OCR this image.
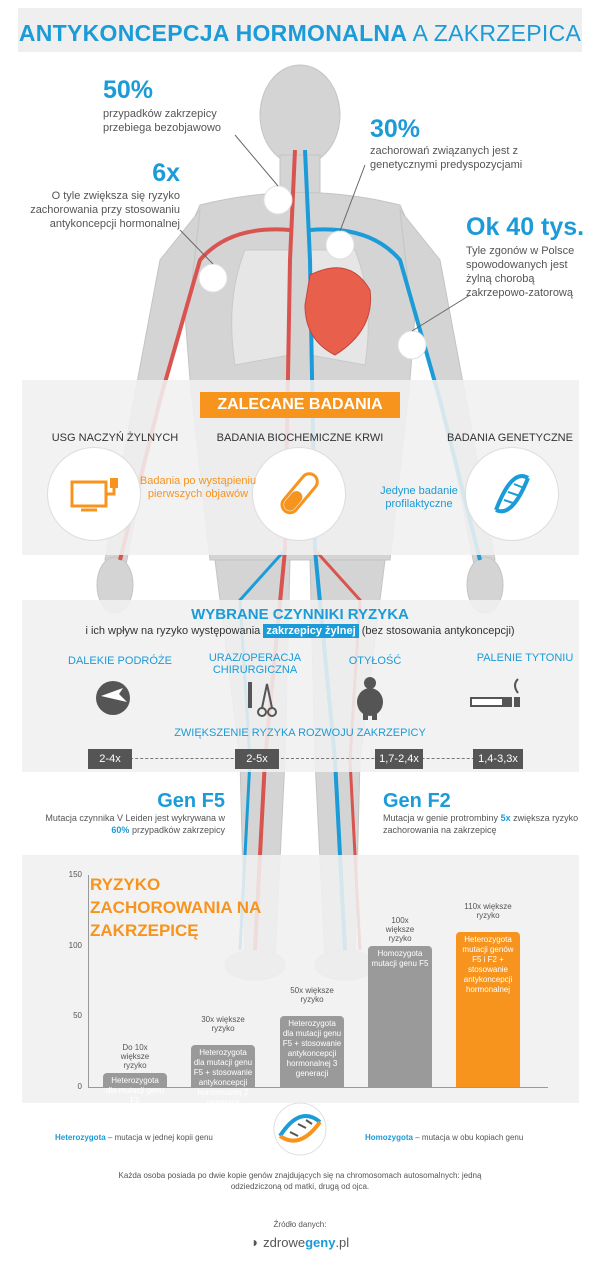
ANTYKONCEPCJA HORMONALNA A ZAKRZEPICA
50%
przypadków zakrzepicy przebiega bezobjawowo	30%
zachorowań związanych jest z genetycznymi predyspozycjami
6x
O tyle zwiększa się ryzyko zachorowania przy stosowaniu antykoncepcji hormonalnej	Ok 40 tys.
Tyle zgonów w Polsce spowodowanych jest żylną chorobą zakrzepowo-zatorową
ZALECANE BADANIA
USG NACZYŃ ŻYLNYCH	BADANIA BIOCHEMICZNE KRWI	BADANIA GENETYCZNE
Badania po wystąpieniu pierwszych objawów	Jedyne badanie profilaktyczne
WYBRANE CZYNNIKI RYZYKA
i ich wpływ na ryzyko występowania zakrzepicy żylnej (bez stosowania antykoncepcji)
DALEKIE PODRÓŻE	URAZ/OPERACJA CHIRURGICZNA
OTYŁOŚĆ	PALENIE TYTONIU
ZWIĘKSZENIE RYZYKA ROZWOJU ZAKRZEPICY
2-4x	2-5x	1,7-2,4x	1,4-3,3x
Gen F5
Mutacja czynnika V Leiden jest wykrywana w 60% przypadków zakrzepicy
Gen F2
Mutacja w genie protrombiny 5x zwiększa ryzyko zachorowania na zakrzepicę
RYZYKO ZACHOROWANIA NA ZAKRZEPICĘ
150
100
50
0
Heterozygota dla mutacji genu F5
Do 10x większe ryzyko
Heterozygota dla mutacji genu F5 + stosowanie antykoncepcji hormonalnej 2 generacji
30x większe ryzyko	Heterozygota dla mutacji genu F5 + stosowanie antykoncepcji hormonalnej 3 generacji
50x większe ryzyko
Homozygota mutacji genu F5
100x większe ryzyko	Heterozygota mutacji genów F5 i F2 + stosowanie antykoncepcji hormonalnej
110x większe ryzyko
Heterozygota – mutacja w jednej kopii genu	Homozygota – mutacja w obu kopiach genu
Każda osoba posiada po dwie kopie genów znajdujących się na chromosomach autosomalnych: jedną odziedziczoną od matki, drugą od ojca.
Źródło danych:
◗ zdrowegeny.pl
